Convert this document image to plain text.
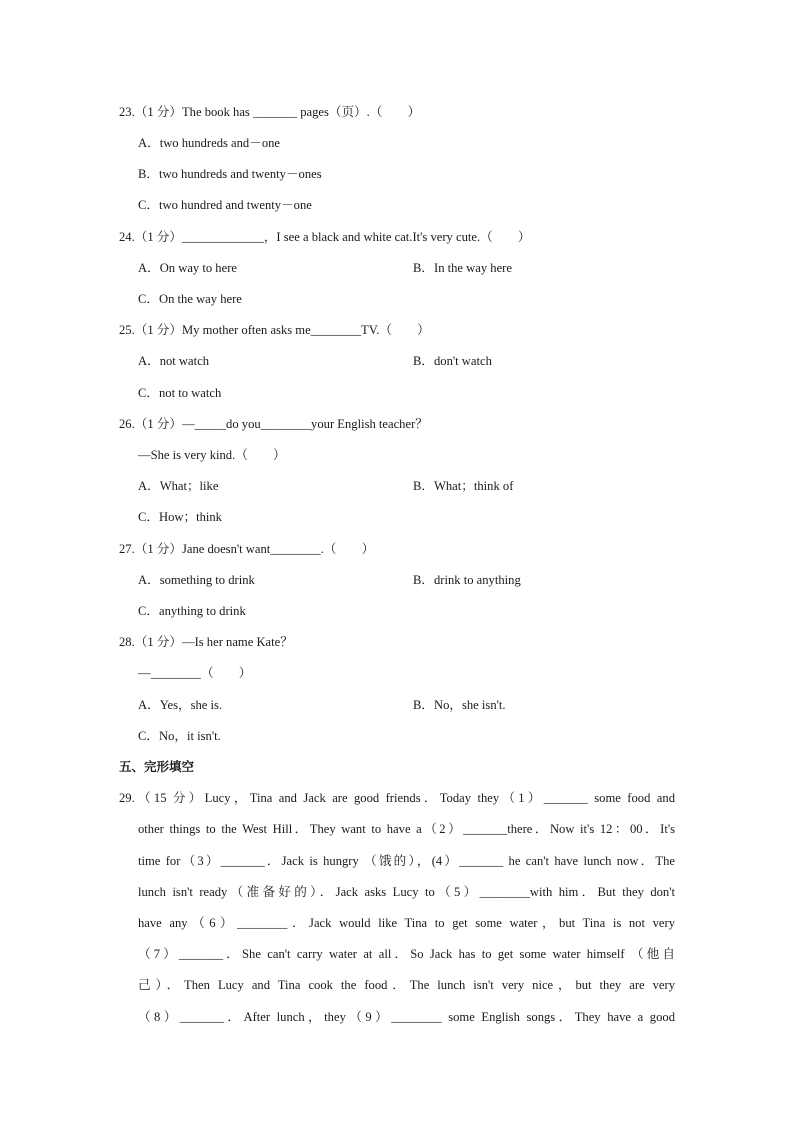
23.（1 分）The book has _______ pages（页）.（　　）
A．two hundreds and－one
B．two hundreds and twenty－ones
C．two hundred and twenty－one
24.（1 分）_____________，I see a black and white cat.It's very cute.（　　）
A．On way to here	B．In the way here
C．On the way here
25.（1 分）My mother often asks me________TV.（　　）
A．not watch	B．don't watch
C．not to watch
26.（1 分）—_____do you________your English teacher？
—She is very kind.（　　）
A．What；like	B．What；think of
C．How；think
27.（1 分）Jane doesn't want________.（　　）
A．something to drink	B．drink to anything
C．anything to drink
28.（1 分）—Is her name Kate？
—________（　　）
A．Yes，she is.	B．No，she isn't.
C．No，it isn't.
五、完形填空
29.（15 分）Lucy，Tina and Jack are good friends．Today they（1）_______ some food and
other things to the West Hill．They want to have a（2）_______there．Now it's 12：00．It's
time for（3）_______．Jack is hungry （饿的），(4）_______ he can't have lunch now．The
lunch isn't ready（准备好的）．Jack asks Lucy to（5）________with him．But they don't
have any（6）________．Jack would like Tina to get some water，but Tina is not very
（7）_______．She can't carry water at all．So Jack has to get some water himself （他自
己）．Then Lucy and Tina cook the food．The lunch isn't very nice，but they are very
（8）_______．After lunch，they（9）________ some English songs．They have a good
